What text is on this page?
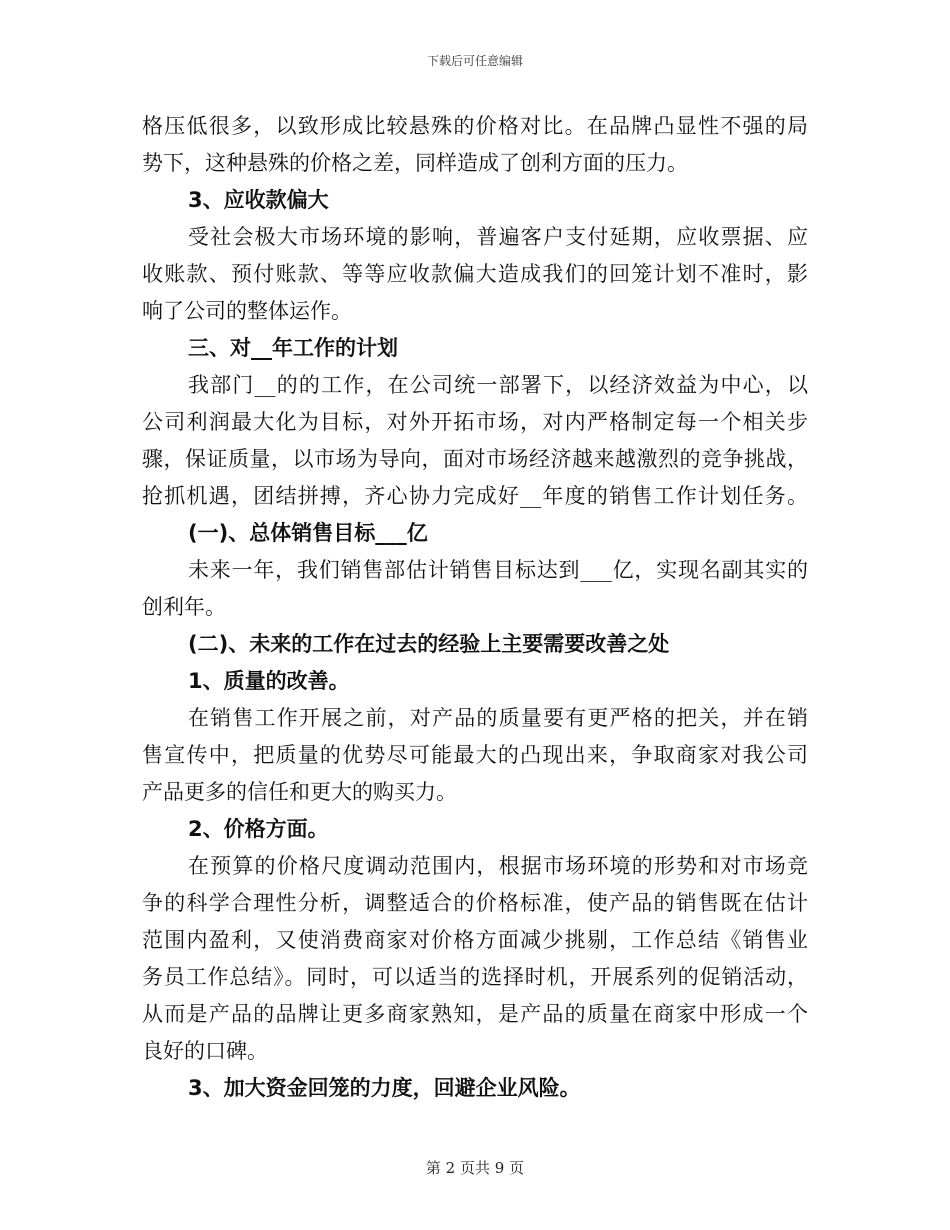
下载后可任意编辑
格压低很多，以致形成比较悬殊的价格对比。在品牌凸显性不强的局
势下，这种悬殊的价格之差，同样造成了创利方面的压力。
3、应收款偏大
受社会极大市场环境的影响，普遍客户支付延期，应收票据、应
收账款、预付账款、等等应收款偏大造成我们的回笼计划不准时，影
响了公司的整体运作。
三、对__年工作的计划
我部门__的的工作，在公司统一部署下，以经济效益为中心，以
公司利润最大化为目标，对外开拓市场，对内严格制定每一个相关步
骤，保证质量，以市场为导向，面对市场经济越来越激烈的竞争挑战，
抢抓机遇，团结拼搏，齐心协力完成好__年度的销售工作计划任务。
(一)、总体销售目标___亿
未来一年，我们销售部估计销售目标达到___亿，实现名副其实的
创利年。
(二)、未来的工作在过去的经验上主要需要改善之处
1、质量的改善。
在销售工作开展之前，对产品的质量要有更严格的把关，并在销
售宣传中，把质量的优势尽可能最大的凸现出来，争取商家对我公司
产品更多的信任和更大的购买力。
2、价格方面。
在预算的价格尺度调动范围内，根据市场环境的形势和对市场竞
争的科学合理性分析，调整适合的价格标准，使产品的销售既在估计
范围内盈利，又使消费商家对价格方面减少挑剔，工作总结《销售业
务员工作总结》。同时，可以适当的选择时机，开展系列的促销活动，
从而是产品的品牌让更多商家熟知，是产品的质量在商家中形成一个
良好的口碑。
3、加大资金回笼的力度，回避企业风险。
第 2 页共 9 页
